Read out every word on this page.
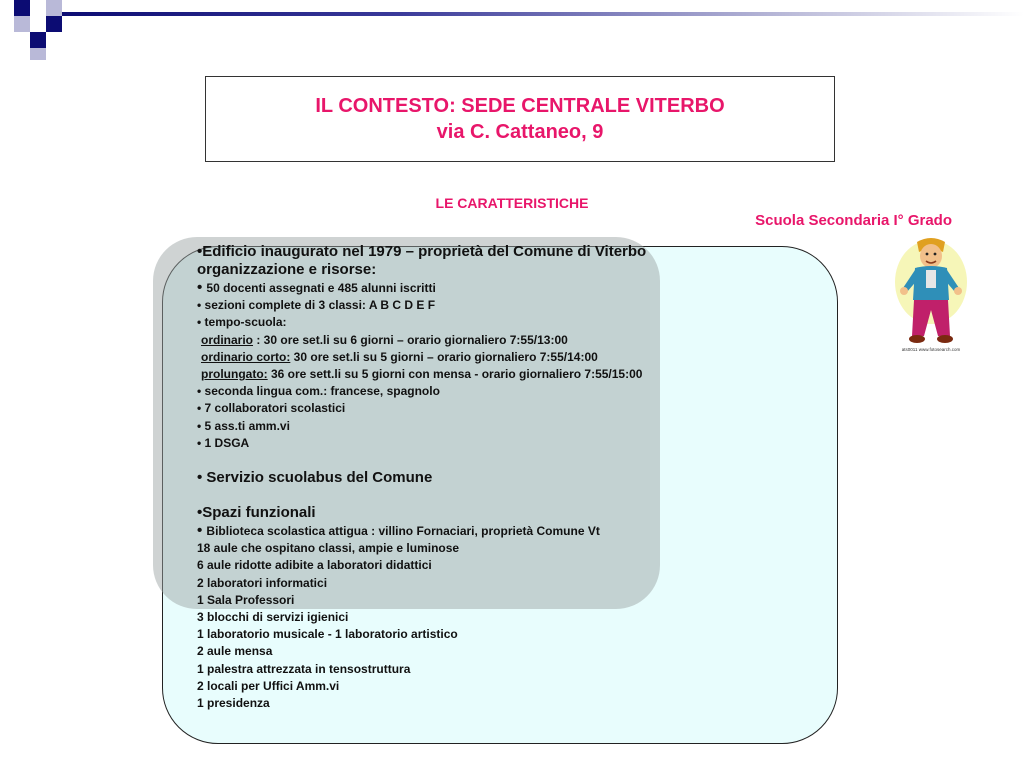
IL CONTESTO: SEDE CENTRALE VITERBO
via C. Cattaneo, 9
LE CARATTERISTICHE
Scuola Secondaria I° Grado
•Edificio inaugurato nel 1979 – proprietà del Comune di Viterbo
organizzazione e risorse:
• 50 docenti assegnati e 485 alunni iscritti
• sezioni complete di 3 classi: A B C D E F
• tempo-scuola:
ordinario : 30 ore set.li su 6 giorni – orario giornaliero 7:55/13:00
ordinario corto: 30 ore set.li su 5 giorni – orario giornaliero 7:55/14:00
prolungato: 36 ore sett.li su 5 giorni con mensa - orario giornaliero 7:55/15:00
• seconda lingua com.: francese, spagnolo
• 7 collaboratori scolastici
• 5 ass.ti amm.vi
• 1 DSGA
• Servizio scuolabus del Comune
•Spazi funzionali
• Biblioteca scolastica attigua : villino Fornaciari, proprietà Comune Vt
18 aule che ospitano classi, ampie e luminose
6 aule ridotte adibite a laboratori didattici
2 laboratori informatici
1 Sala Professori
3 blocchi di servizi igienici
1 laboratorio musicale - 1 laboratorio artistico
2 aule mensa
1 palestra attrezzata in tensostruttura
2 locali per Uffici Amm.vi
1 presidenza
ats0011 www.fotosearch.com
